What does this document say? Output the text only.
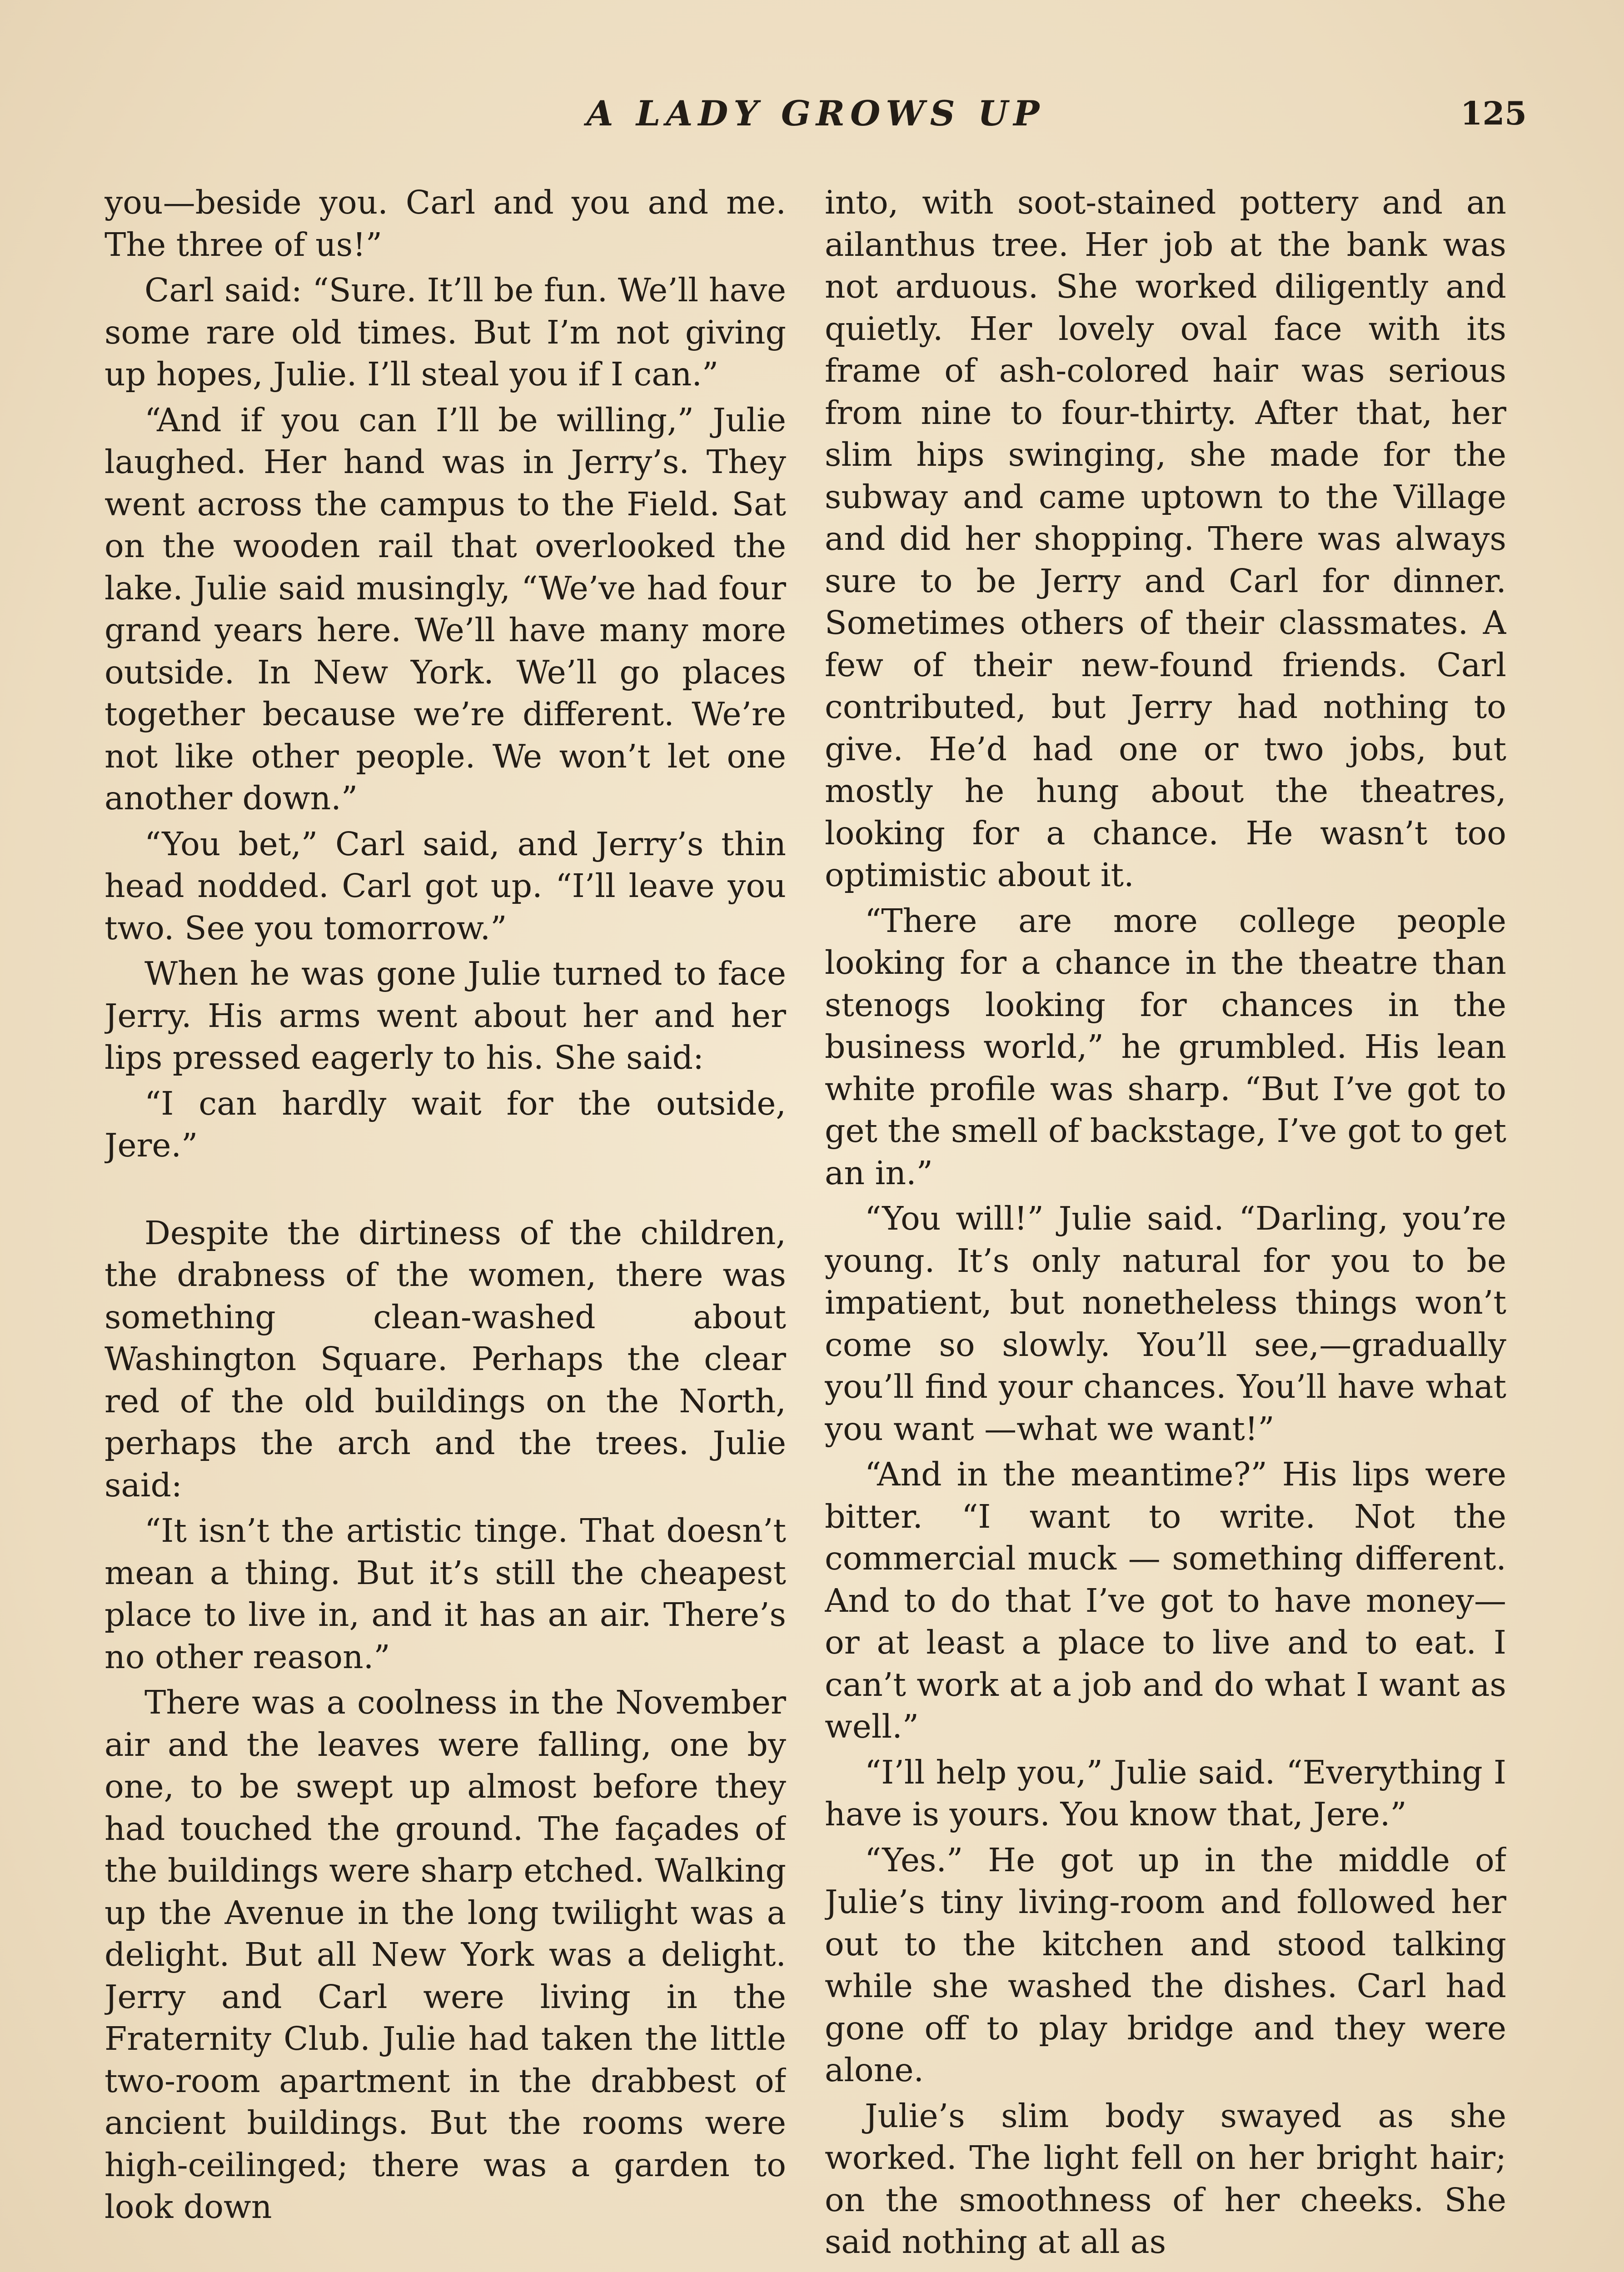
A LADY GROWS UP	125

you—beside you. Carl and you and me. The three of us!”

Carl said: “Sure. It’ll be fun. We’ll have some rare old times. But I’m not giving up hopes, Julie. I’ll steal you if I can.”

“And if you can I’ll be willing,” Julie laughed. Her hand was in Jerry’s. They went across the campus to the Field. Sat on the wooden rail that overlooked the lake. Julie said musingly, “We’ve had four grand years here. We’ll have many more outside. In New York. We’ll go places together because we’re different. We’re not like other people. We won’t let one another down.”

“You bet,” Carl said, and Jerry’s thin head nodded. Carl got up. “I’ll leave you two. See you tomorrow.”

When he was gone Julie turned to face Jerry. His arms went about her and her lips pressed eagerly to his. She said:

“I can hardly wait for the outside, Jere.”

Despite the dirtiness of the children, the drabness of the women, there was something clean-washed about Washington Square. Perhaps the clear red of the old buildings on the North, perhaps the arch and the trees. Julie said:

“It isn’t the artistic tinge. That doesn’t mean a thing. But it’s still the cheapest place to live in, and it has an air. There’s no other reason.”

There was a coolness in the November air and the leaves were falling, one by one, to be swept up almost before they had touched the ground. The façades of the buildings were sharp etched. Walking up the Avenue in the long twilight was a delight. But all New York was a delight. Jerry and Carl were living in the Fraternity Club. Julie had taken the little two-room apartment in the drabbest of ancient buildings. But the rooms were high-ceilinged; there was a garden to look down

into, with soot-stained pottery and an ailanthus tree. Her job at the bank was not arduous. She worked diligently and quietly. Her lovely oval face with its frame of ash-colored hair was serious from nine to four-thirty. After that, her slim hips swinging, she made for the subway and came uptown to the Village and did her shopping. There was always sure to be Jerry and Carl for dinner. Sometimes others of their classmates. A few of their new-found friends. Carl contributed, but Jerry had nothing to give. He’d had one or two jobs, but mostly he hung about the theatres, looking for a chance. He wasn’t too optimistic about it.

“There are more college people looking for a chance in the theatre than stenogs looking for chances in the business world,” he grumbled. His lean white profile was sharp. “But I’ve got to get the smell of backstage, I’ve got to get an in.”

“You will!” Julie said. “Darling, you’re young. It’s only natural for you to be impatient, but nonetheless things won’t come so slowly. You’ll see,—gradually you’ll find your chances. You’ll have what you want —what we want!”

“And in the meantime?” His lips were bitter. “I want to write. Not the commercial muck — something different. And to do that I’ve got to have money—or at least a place to live and to eat. I can’t work at a job and do what I want as well.”

“I’ll help you,” Julie said. “Everything I have is yours. You know that, Jere.”

“Yes.” He got up in the middle of Julie’s tiny living-room and followed her out to the kitchen and stood talking while she washed the dishes. Carl had gone off to play bridge and they were alone.

Julie’s slim body swayed as she worked. The light fell on her bright hair; on the smoothness of her cheeks. She said nothing at all as
